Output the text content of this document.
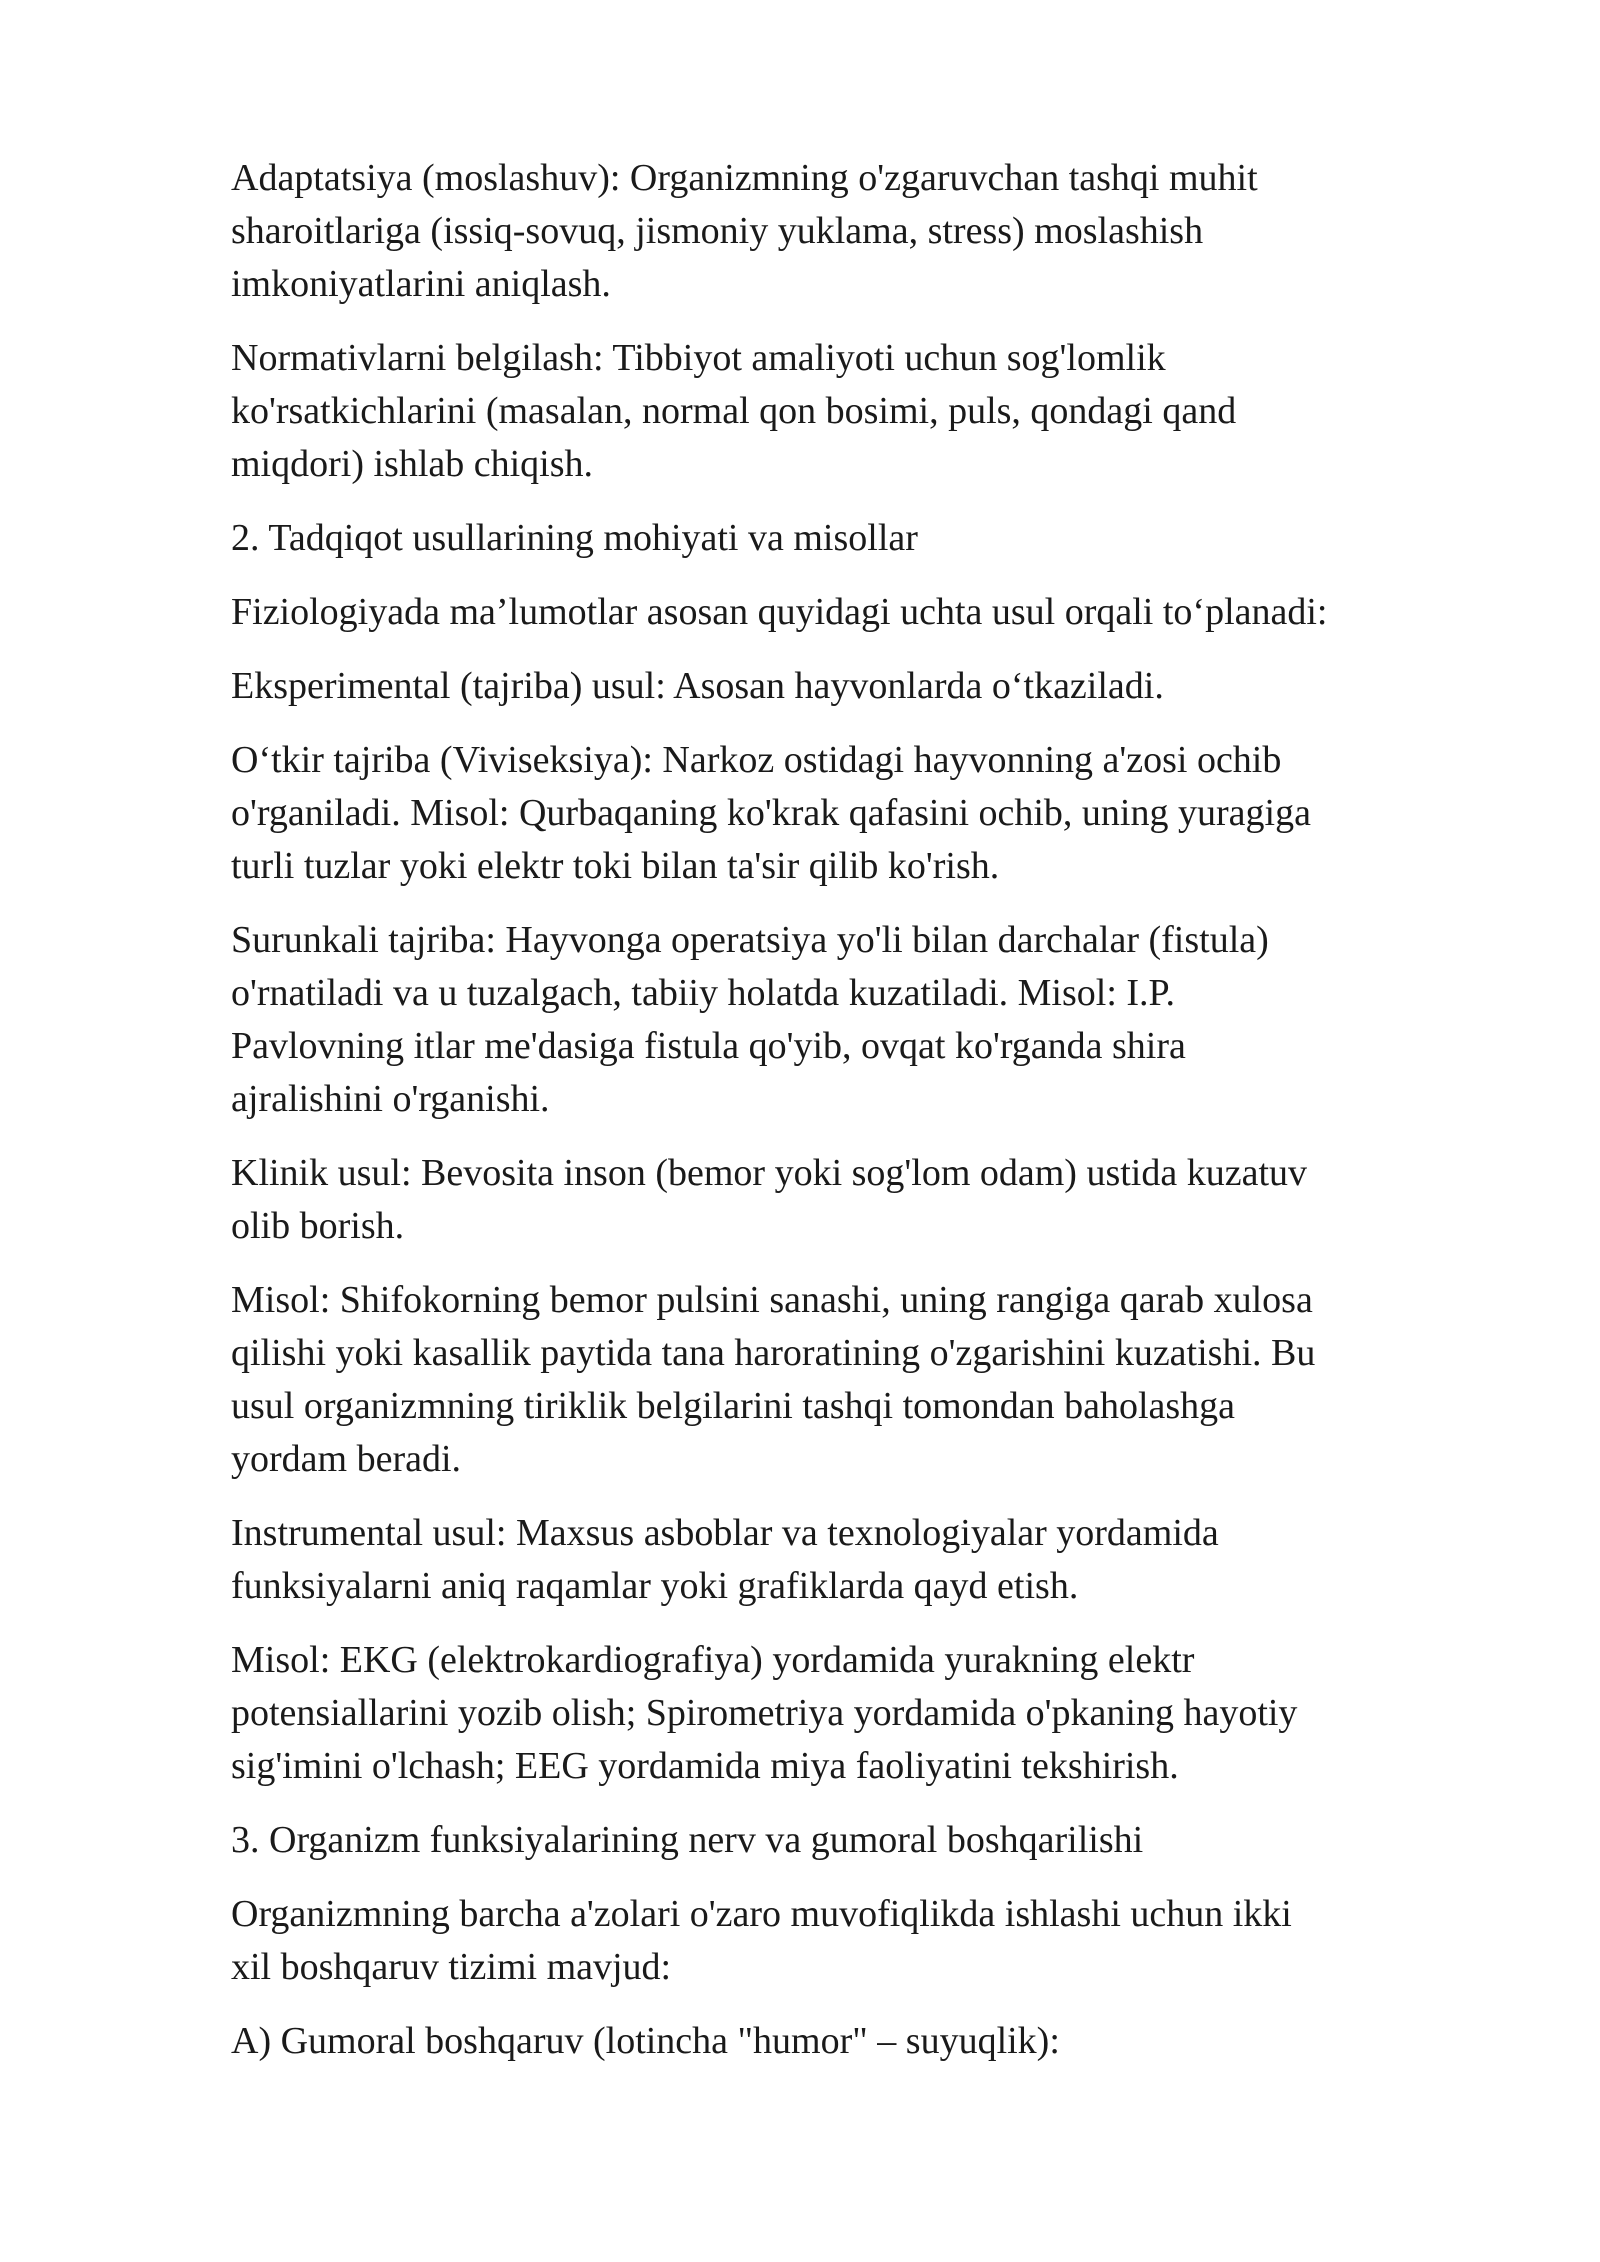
Adaptatsiya (moslashuv): Organizmning o'zgaruvchan tashqi muhit
sharoitlariga (issiq-sovuq, jismoniy yuklama, stress) moslashish
imkoniyatlarini aniqlash.

Normativlarni belgilash: Tibbiyot amaliyoti uchun sog'lomlik
ko'rsatkichlarini (masalan, normal qon bosimi, puls, qondagi qand
miqdori) ishlab chiqish.

2. Tadqiqot usullarining mohiyati va misollar

Fiziologiyada ma’lumotlar asosan quyidagi uchta usul orqali to‘planadi:

Eksperimental (tajriba) usul: Asosan hayvonlarda o‘tkaziladi.

O‘tkir tajriba (Viviseksiya): Narkoz ostidagi hayvonning a'zosi ochib
o'rganiladi. Misol: Qurbaqaning ko'krak qafasini ochib, uning yuragiga
turli tuzlar yoki elektr toki bilan ta'sir qilib ko'rish.

Surunkali tajriba: Hayvonga operatsiya yo'li bilan darchalar (fistula)
o'rnatiladi va u tuzalgach, tabiiy holatda kuzatiladi. Misol: I.P.
Pavlovning itlar me'dasiga fistula qo'yib, ovqat ko'rganda shira
ajralishini o'rganishi.

Klinik usul: Bevosita inson (bemor yoki sog'lom odam) ustida kuzatuv
olib borish.

Misol: Shifokorning bemor pulsini sanashi, uning rangiga qarab xulosa
qilishi yoki kasallik paytida tana haroratining o'zgarishini kuzatishi. Bu
usul organizmning tiriklik belgilarini tashqi tomondan baholashga
yordam beradi.

Instrumental usul: Maxsus asboblar va texnologiyalar yordamida
funksiyalarni aniq raqamlar yoki grafiklarda qayd etish.

Misol: EKG (elektrokardiografiya) yordamida yurakning elektr
potensiallarini yozib olish; Spirometriya yordamida o'pkaning hayotiy
sig'imini o'lchash; EEG yordamida miya faoliyatini tekshirish.

3. Organizm funksiyalarining nerv va gumoral boshqarilishi

Organizmning barcha a'zolari o'zaro muvofiqlikda ishlashi uchun ikki
xil boshqaruv tizimi mavjud:

A) Gumoral boshqaruv (lotincha "humor" – suyuqlik):
